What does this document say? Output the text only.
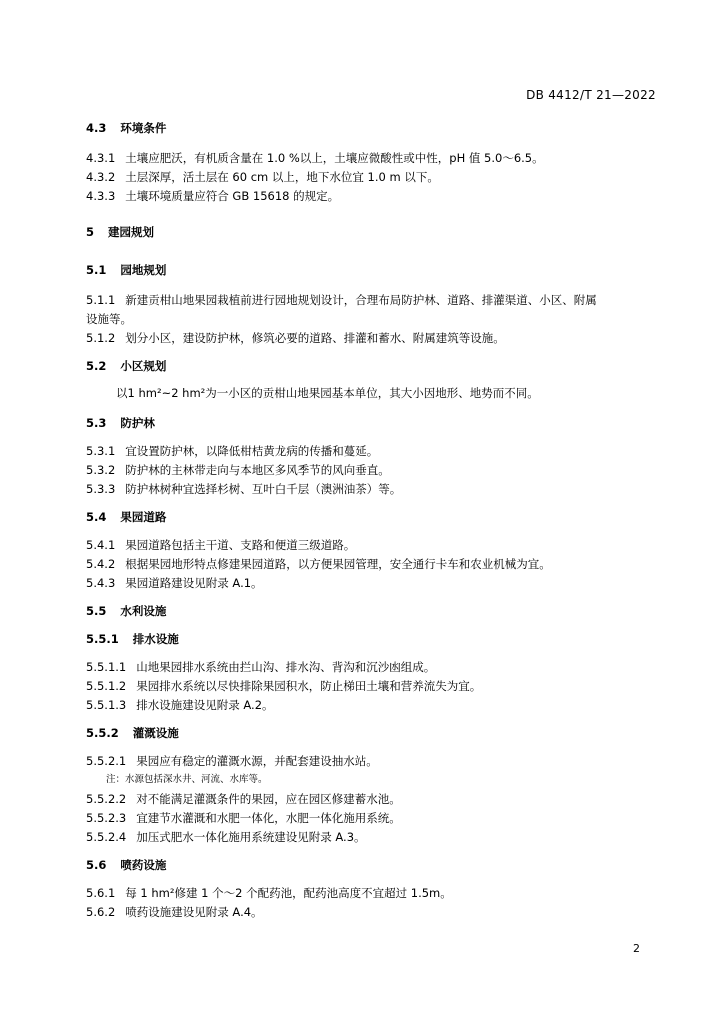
DB 4412/T 21—2022
4.3 环境条件
4.3.1 土壤应肥沃，有机质含量在 1.0 %以上，土壤应微酸性或中性，pH 值 5.0～6.5。
4.3.2 土层深厚，活土层在 60 cm 以上，地下水位宜 1.0 m 以下。
4.3.3 土壤环境质量应符合 GB 15618 的规定。
5 建园规划
5.1 园地规划
5.1.1 新建贡柑山地果园栽植前进行园地规划设计，合理布局防护林、道路、排灌渠道、小区、附属
设施等。
5.1.2 划分小区，建设防护林，修筑必要的道路、排灌和蓄水、附属建筑等设施。
5.2 小区规划
以1 hm²~2 hm²为一小区的贡柑山地果园基本单位，其大小因地形、地势而不同。
5.3 防护林
5.3.1 宜设置防护林，以降低柑桔黄龙病的传播和蔓延。
5.3.2 防护林的主林带走向与本地区多风季节的风向垂直。
5.3.3 防护林树种宜选择杉树、互叶白千层（澳洲油茶）等。
5.4 果园道路
5.4.1 果园道路包括主干道、支路和便道三级道路。
5.4.2 根据果园地形特点修建果园道路，以方便果园管理，安全通行卡车和农业机械为宜。
5.4.3 果园道路建设见附录 A.1。
5.5 水利设施
5.5.1 排水设施
5.5.1.1 山地果园排水系统由拦山沟、排水沟、背沟和沉沙凼组成。
5.5.1.2 果园排水系统以尽快排除果园积水，防止梯田土壤和营养流失为宜。
5.5.1.3 排水设施建设见附录 A.2。
5.5.2 灌溉设施
5.5.2.1 果园应有稳定的灌溉水源，并配套建设抽水站。
注：水源包括深水井、河流、水库等。
5.5.2.2 对不能满足灌溉条件的果园，应在园区修建蓄水池。
5.5.2.3 宜建节水灌溉和水肥一体化，水肥一体化施用系统。
5.5.2.4 加压式肥水一体化施用系统建设见附录 A.3。
5.6 喷药设施
5.6.1 每 1 hm²修建 1 个～2 个配药池，配药池高度不宜超过 1.5m。
5.6.2 喷药设施建设见附录 A.4。
2
